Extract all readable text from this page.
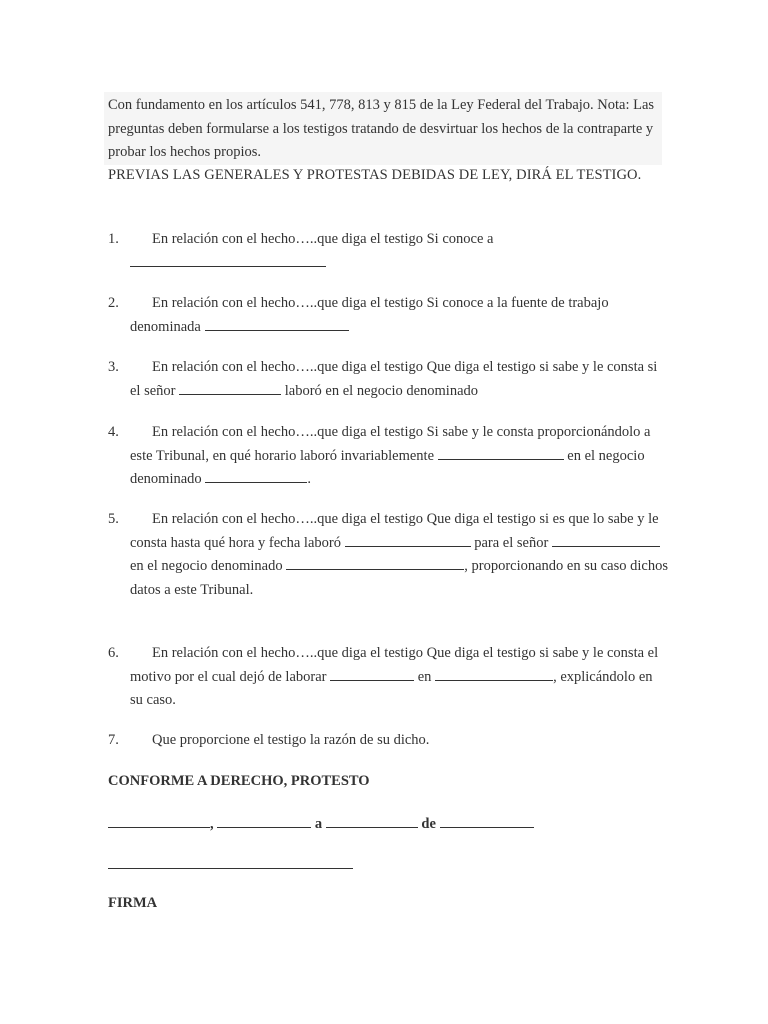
Con fundamento en los artículos 541, 778, 813 y 815 de la Ley Federal del Trabajo. Nota: Las preguntas deben formularse a los testigos tratando de desvirtuar los hechos de la contraparte y probar los hechos propios.
PREVIAS LAS GENERALES Y PROTESTAS DEBIDAS DE LEY, DIRÁ EL TESTIGO.
1.	En relación con el hecho…..que diga el testigo Si conoce a

2.	En relación con el hecho…..que diga el testigo Si conoce a la fuente de trabajo denominada
3.	En relación con el hecho…..que diga el testigo Que diga el testigo si sabe y le consta si el señor	laboró en el negocio denominado
4.	En relación con el hecho…..que diga el testigo Si sabe y le consta proporcionándolo a este Tribunal, en qué horario laboró invariablemente	en el negocio denominado	.
5.	En relación con el hecho…..que diga el testigo Que diga el testigo si es que lo sabe y le consta hasta qué hora y fecha laboró	para el señor  en el negocio denominado	, proporcionando en su caso dichos datos a este Tribunal.
6.	En relación con el hecho…..que diga el testigo Que diga el testigo si sabe y le consta el motivo por el cual dejó de laborar	en	, explicándolo en su caso.
7.	Que proporcione el testigo la razón de su dicho.
CONFORME A DERECHO, PROTESTO
,	a	de
FIRMA
